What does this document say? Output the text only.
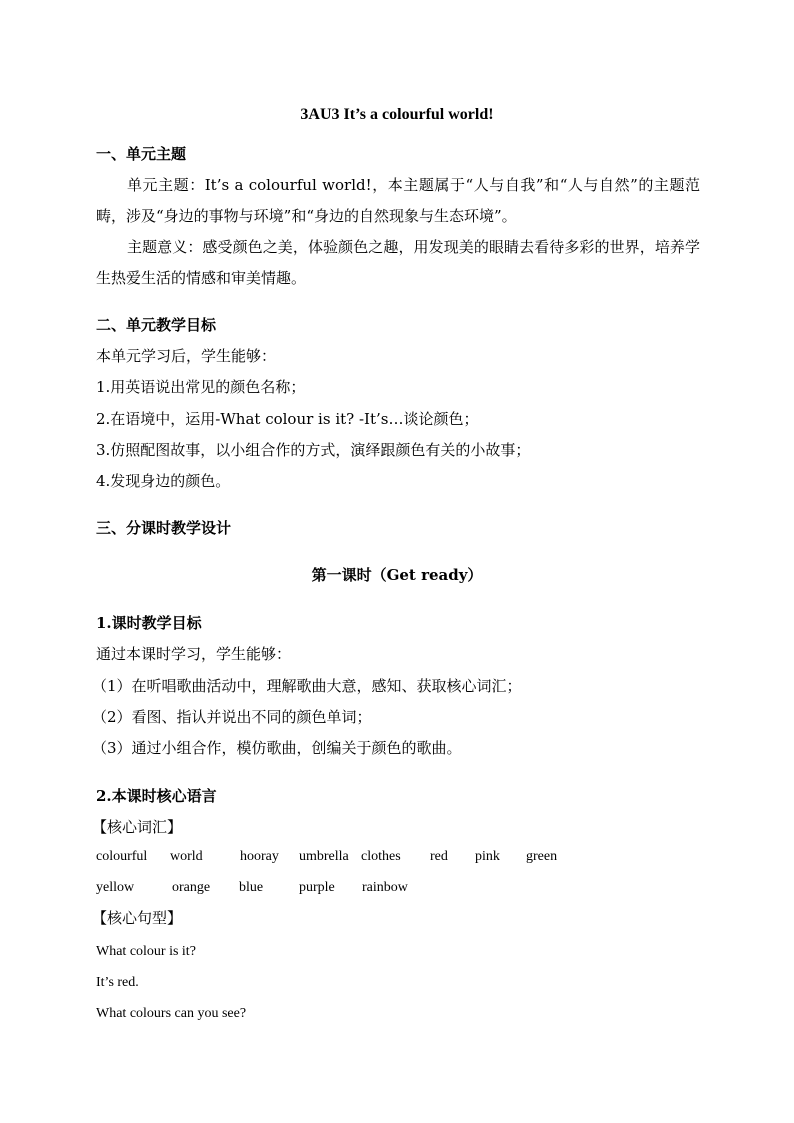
3AU3 It’s a colourful world!
一、单元主题

单元主题：It’s a colourful world!，本主题属于“人与自我”和“人与自然”的主题范畴，涉及“身边的事物与环境”和“身边的自然现象与生态环境”。

主题意义：感受颜色之美，体验颜色之趣，用发现美的眼睛去看待多彩的世界，培养学生热爱生活的情感和审美情趣。

二、单元教学目标
本单元学习后，学生能够：
1.用英语说出常见的颜色名称；
2.在语境中，运用-What colour is it? -It’s…谈论颜色；
3.仿照配图故事，以小组合作的方式，演绎跟颜色有关的小故事；
4.发现身边的颜色。
三、分课时教学设计
第一课时（Get ready）
1.课时教学目标
通过本课时学习，学生能够：
（1）在听唱歌曲活动中，理解歌曲大意，感知、获取核心词汇；
（2）看图、指认并说出不同的颜色单词；
（3）通过小组合作，模仿歌曲，创编关于颜色的歌曲。
2.本课时核心语言
【核心词汇】
colourful world	hooray umbrella clothes red pink green
yellow	orange blue	purple rainbow
【核心句型】
What colour is it?
It’s red.
What colours can you see?
